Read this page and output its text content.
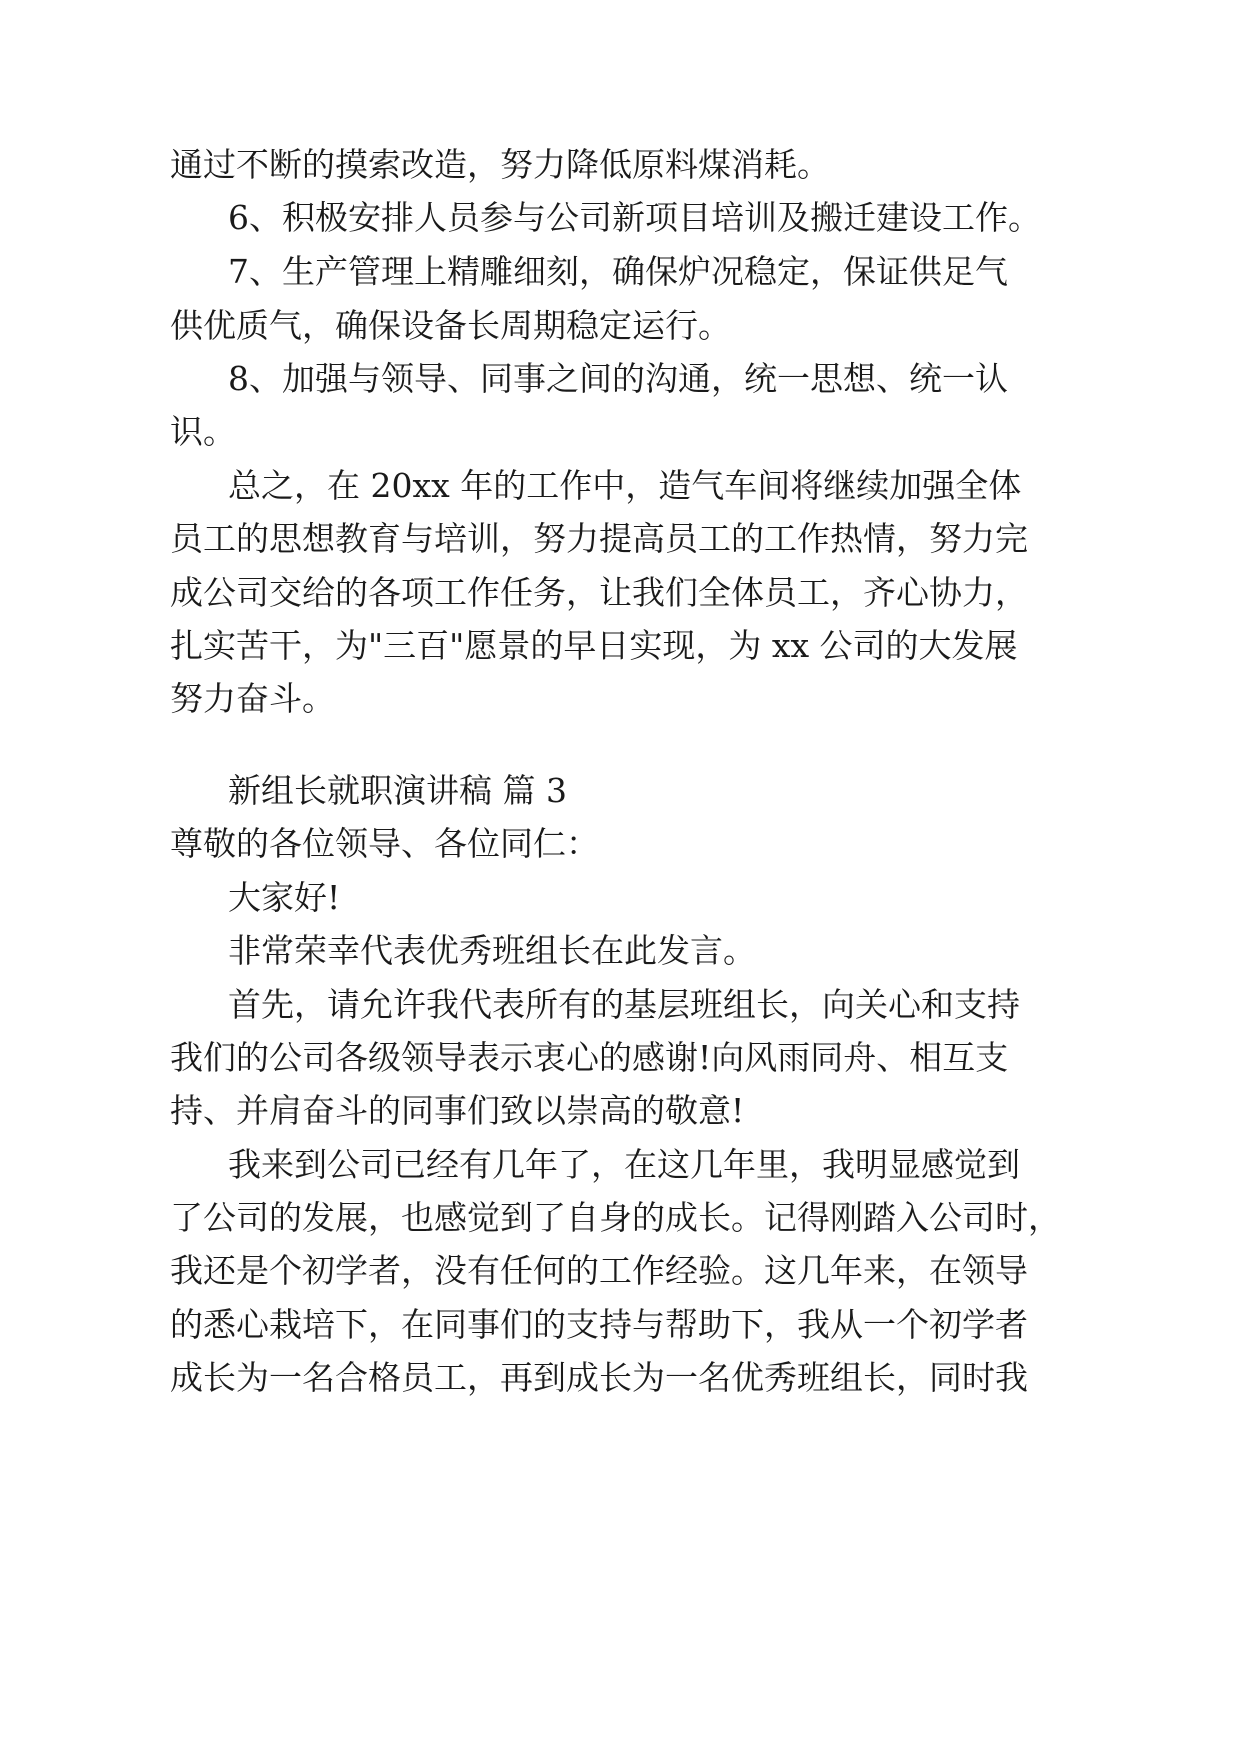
通过不断的摸索改造，努力降低原料煤消耗。
6、积极安排人员参与公司新项目培训及搬迁建设工作。
7、生产管理上精雕细刻，确保炉况稳定，保证供足气
供优质气，确保设备长周期稳定运行。
8、加强与领导、同事之间的沟通，统一思想、统一认
识。
总之，在 20xx 年的工作中，造气车间将继续加强全体
员工的思想教育与培训，努力提高员工的工作热情，努力完
成公司交给的各项工作任务，让我们全体员工，齐心协力，
扎实苦干，为"三百"愿景的早日实现，为 xx 公司的大发展
努力奋斗。
新组长就职演讲稿 篇 3
尊敬的各位领导、各位同仁：
大家好!
非常荣幸代表优秀班组长在此发言。
首先，请允许我代表所有的基层班组长，向关心和支持
我们的公司各级领导表示衷心的感谢!向风雨同舟、相互支
持、并肩奋斗的同事们致以崇高的敬意!
我来到公司已经有几年了，在这几年里，我明显感觉到
了公司的发展，也感觉到了自身的成长。记得刚踏入公司时，
我还是个初学者，没有任何的工作经验。这几年来，在领导
的悉心栽培下，在同事们的支持与帮助下，我从一个初学者
成长为一名合格员工，再到成长为一名优秀班组长，同时我
